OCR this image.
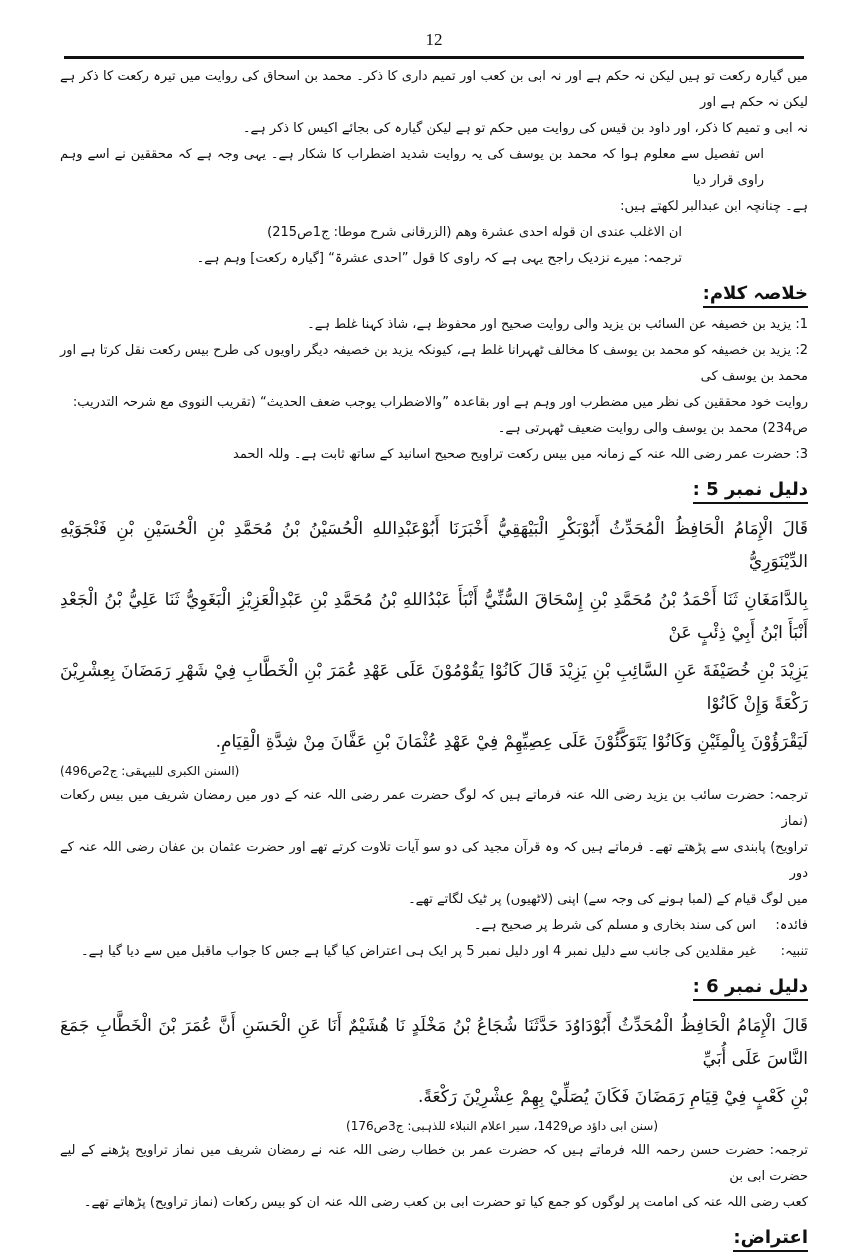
12

میں گیارہ رکعت تو ہیں لیکن نہ حکم ہے اور نہ ابی بن کعب اور تمیم داری کا ذکر۔ محمد بن اسحاق کی روایت میں تیرہ رکعت کا ذکر ہے لیکن نہ حکم ہے اور

نہ ابی و تمیم کا ذکر، اور داود بن قیس کی روایت میں حکم تو ہے لیکن گیارہ کی بجائے اکیس کا ذکر ہے۔

اس تفصیل سے معلوم ہوا کہ محمد بن یوسف کی یہ روایت شدید اضطراب کا شکار ہے۔ یہی وجہ ہے کہ محققین نے اسے وہم راوی قرار دیا

ہے۔ چنانچہ ابن عبدالبر لکھتے ہیں:

ان الاغلب عندی ان قوله احدی عشرة وهم (الزرقانی شرح موطا: ج1ص215)

ترجمہ: میرے نزدیک راجح یہی ہے کہ راوی کا قول ”احدی عشرۃ“ [گیارہ رکعت] وہم ہے۔

خلاصہ کلام:

1: یزید بن خصیفہ عن السائب بن یزید والی روایت صحیح اور محفوظ ہے، شاذ کہنا غلط ہے۔

2: یزید بن خصیفہ کو محمد بن یوسف کا مخالف ٹھہرانا غلط ہے، کیونکہ یزید بن خصیفہ دیگر راویوں کی طرح بیس رکعت نقل کرتا ہے اور محمد بن یوسف کی

روایت خود محققین کی نظر میں مضطرب اور وہم ہے اور بقاعدہ ”والاضطراب یوجب ضعف الحدیث“ (تقریب النووی مع شرحہ التدریب:

ص234) محمد بن یوسف والی روایت ضعیف ٹھہرتی ہے۔

3: حضرت عمر رضی اللہ عنہ کے زمانہ میں بیس رکعت تراویح صحیح اسانید کے ساتھ ثابت ہے۔ وللہ الحمد

دلیل نمبر 5 :

قَالَ الْإِمَامُ الْحَافِظُ الْمُحَدِّثُ أَبُوْبَكْرِ الْبَيْهَقِيُّ أَخْبَرَنَا أَبُوْعَبْدِاللهِ الْحُسَيْنُ بْنُ مُحَمَّدِ بْنِ الْحُسَيْنِ بْنِ فَنْجَوَيْهِ الدِّيْنَوَرِيُّ

بِالدَّامَغَانِ ثَنَا أَحْمَدُ بْنُ مُحَمَّدِ بْنِ إِسْحَاقَ السُّنِّيُّ أَنْبَأَ عَبْدُاللهِ بْنُ مُحَمَّدِ بْنِ عَبْدِالْعَزِيْزِ الْبَغَوِيُّ ثَنَا عَلِيُّ بْنُ الْجَعْدِ أَنْبَأَ ابْنُ أَبِيْ ذِئْبٍ عَنْ

يَزِيْدَ بْنِ خُصَيْفَةَ عَنِ السَّائِبِ بْنِ يَزِيْدَ قَالَ كَانُوْا يَقُوْمُوْنَ عَلَى عَهْدِ عُمَرَ بْنِ الْخَطَّابِ فِيْ شَهْرِ رَمَضَانَ بِعِشْرِيْنَ رَكْعَةً وَإِنْ كَانُوْا

لَيَقْرَؤُوْنَ بِالْمِئَيْنِ وَكَانُوْا يَتَوَكَّئُوْنَ عَلَى عِصِيِّهِمْ فِيْ عَهْدِ عُثْمَانَ بْنِ عَفَّانَ مِنْ شِدَّةِ الْقِيَامِ.

(السنن الکبری للبیہقی: ج2ص496)

ترجمہ: حضرت سائب بن یزید رضی اللہ عنہ فرماتے ہیں کہ لوگ حضرت عمر رضی اللہ عنہ کے دور میں رمضان شریف میں بیس رکعات (نماز

تراویح) پابندی سے پڑھتے تھے۔ فرماتے ہیں کہ وہ قرآن مجید کی دو سو آیات تلاوت کرتے تھے اور حضرت عثمان بن عفان رضی اللہ عنہ کے دور

میں لوگ قیام کے (لمبا ہونے کی وجہ سے) اپنی (لاٹھیوں) پر ٹیک لگاتے تھے۔

فائدہ:
اس کی سند بخاری و مسلم کی شرط پر صحیح ہے۔
تنبیہ:
غیر مقلدین کی جانب سے دلیل نمبر 4 اور دلیل نمبر 5 پر ایک ہی اعتراض کیا گیا ہے جس کا جواب ماقبل میں سے دیا گیا ہے۔
دلیل نمبر 6 :

قَالَ الْإِمَامُ الْحَافِظُ الْمُحَدِّثُ أَبُوْدَاوُدَ حَدَّثَنَا شُجَاعُ بْنُ مَخْلَدٍ نَا هُشَيْمٌ أَنَا عَنِ الْحَسَنِ أَنَّ عُمَرَ بْنَ الْخَطَّابِ جَمَعَ النَّاسَ عَلَى أُبَيِّ

بْنِ كَعْبٍ فِيْ قِيَامِ رَمَضَانَ فَكَانَ يُصَلِّيْ بِهِمْ عِشْرِيْنَ رَكْعَةً.

(سنن ابی داؤد ص1429، سیر اعلام النبلاء للذہبی: ج3ص176)

ترجمہ: حضرت حسن رحمہ اللہ فرماتے ہیں کہ حضرت عمر بن خطاب رضی اللہ عنہ نے رمضان شریف میں نماز تراویح پڑھنے کے لیے حضرت ابی بن

کعب رضی اللہ عنہ کی امامت پر لوگوں کو جمع کیا تو حضرت ابی بن کعب رضی اللہ عنہ ان کو بیس رکعات (نماز تراویح) پڑھاتے تھے۔

اعتراض:
